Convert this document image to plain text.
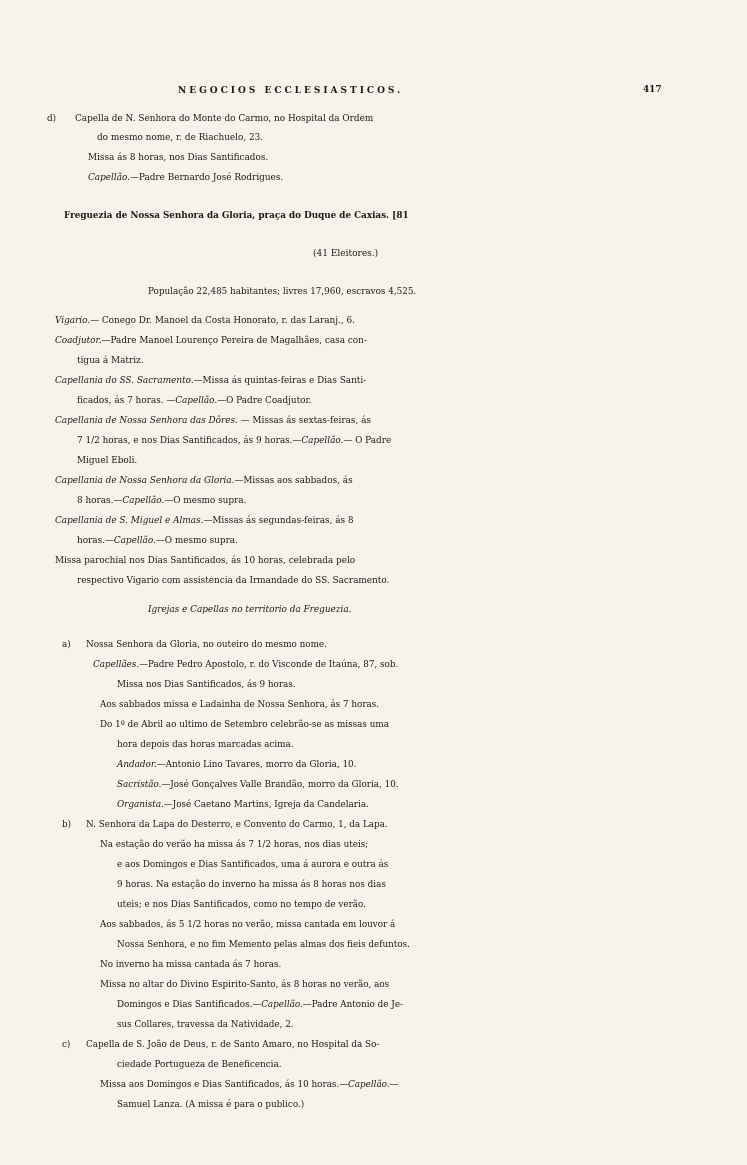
NEGOCIOS ECCLESIASTICOS.	417
d)	Capella de N. Senhora do Monte do Carmo, no Hospital da Ordem
do mesmo nome, r. de Riachuelo, 23.
Missa ás 8 horas, nos Dias Santificados.
Capellão.—Padre Bernardo José Rodrigues.
Freguezia de Nossa Senhora da Gloria, praça do Duque de Caxias. [81
(41 Eleitores.)
População 22,485 habitantes; livres 17,960, escravos 4,525.
Vigario.— Conego Dr. Manoel da Costa Honorato, r. das Laranj., 6.
Coadjutor.—Padre Manoel Lourenço Pereira de Magalhães, casa con-
tigua á Matriz.
Capellania do SS. Sacramento.—Missa ás quintas-feiras e Dias Santi-
ficados, ás 7 horas. —Capellão.—O Padre Coadjutor.
Capellania de Nossa Senhora das Dôres. — Missas ás sextas-feiras, ás
7 1/2 horas, e nos Dias Santificados, ás 9 horas.—Capellão.— O Padre
Miguel Eboli.
Capellania de Nossa Senhora da Gloria.—Missas aos sabbados, ás
8 horas.—Capellão.—O mesmo supra.
Capellania de S. Miguel e Almas.—Missas ás segundas-feiras, ás 8
horas.—Capellão.—O mesmo supra.
Missa parochial nos Dias Santificados, ás 10 horas, celebrada pelo
respectivo Vigario com assistencia da Irmandade do SS. Sacramento.
Igrejas e Capellas no territorio da Freguezia.
a)	Nossa Senhora da Gloria, no outeiro do mesmo nome.
Capellães.—Padre Pedro Apostolo, r. do Visconde de Itaúna, 87, sob.
Missa nos Dias Santificados, ás 9 horas.
Aos sabbados missa e Ladainha de Nossa Senhora, ás 7 horas.
Do 1º de Abril ao ultimo de Setembro celebrão-se as missas uma
hora depois das horas marcadas acima.
Andador.—Antonio Lino Tavares, morro da Gloria, 10.
Sacristão.—José Gonçalves Valle Brandão, morro da Gloria, 10.
Organista.—José Caetano Martins, Igreja da Candelaria.
b)	N. Senhora da Lapa do Desterro, e Convento do Carmo, 1, da Lapa.
Na estação do verão ha missa ás 7 1/2 horas, nos dias uteis;
e aos Domingos e Dias Santificados, uma á aurora e outra ás
9 horas. Na estação do inverno ha missa ás 8 horas nos dias
uteis; e nos Dias Santificados, como no tempo de verão.
Aos sabbados, ás 5 1/2 horas no verão, missa cantada em louvor á
Nossa Senhora, e no fim Memento pelas almas dos fieis defuntos.
No inverno ha missa cantada ás 7 horas.
Missa no altar do Divino Espirito-Santo, ás 8 horas no verão, aos
Domingos e Dias Santificados.—Capellão.—Padre Antonio de Je-
sus Collares, travessa da Natividade, 2.
c)	Capella de S. João de Deus, r. de Santo Amaro, no Hospital da So-
ciedade Portugueza de Beneficencia.
Missa aos Domingos e Dias Santificados, ás 10 horas.—Capellão.—
Samuel Lanza. (A missa é para o publico.)
